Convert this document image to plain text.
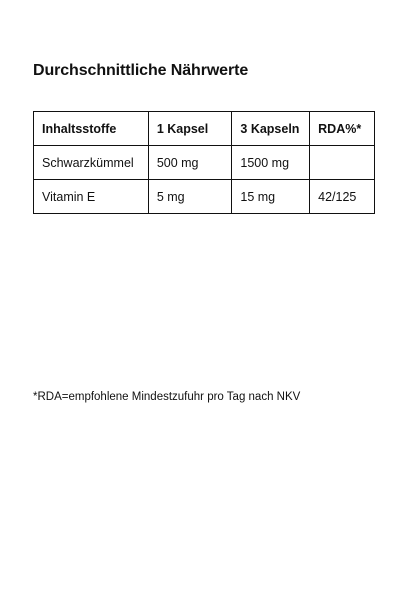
Durchschnittliche Nährwerte
Inhaltsstoffe	1 Kapsel	3 Kapseln	RDA%*
Schwarzkümmel	500 mg	1500 mg	
Vitamin E	5 mg	15 mg	42/125

*RDA=empfohlene Mindestzufuhr pro Tag nach NKV
